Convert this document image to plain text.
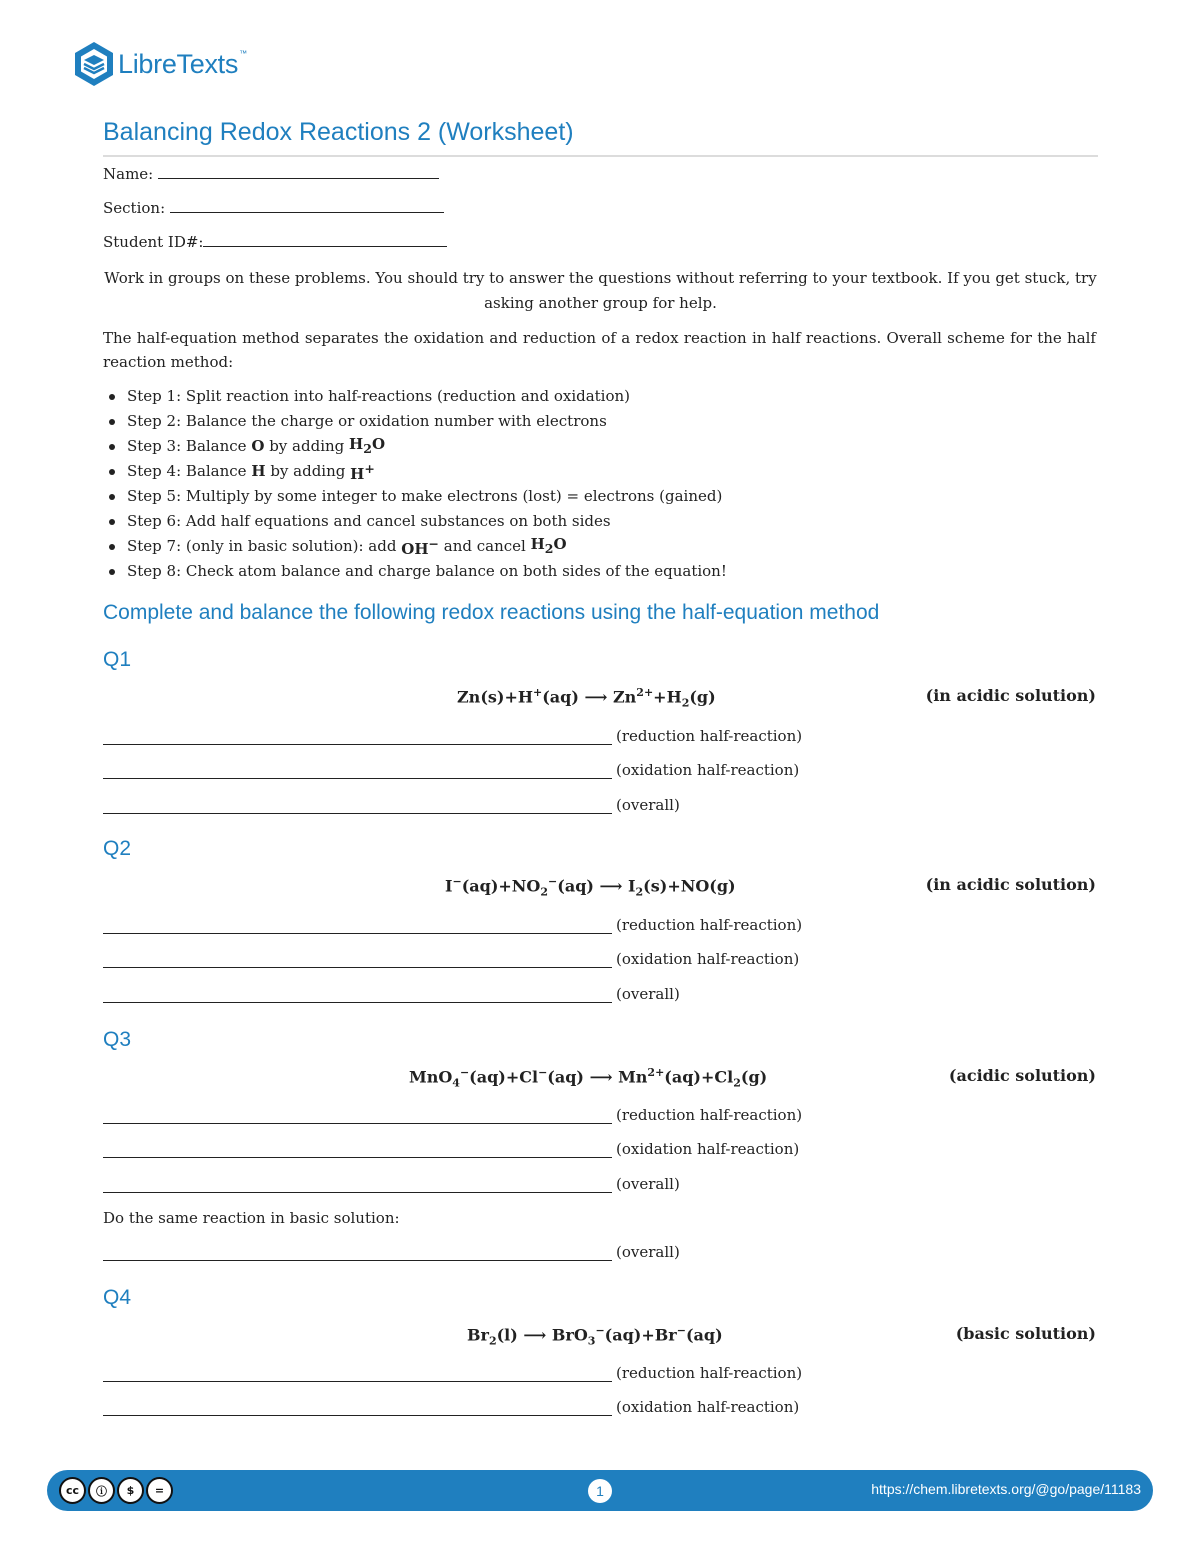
LibreTexts™
Balancing Redox Reactions 2 (Worksheet)
Name:
Section:
Student ID#:
Work in groups on these problems. You should try to answer the questions without referring to your textbook. If you get stuck, try asking another group for help.
The half-equation method separates the oxidation and reduction of a redox reaction in half reactions. Overall scheme for the half reaction method:
Step 1: Split reaction into half-reactions (reduction and oxidation)
Step 2: Balance the charge or oxidation number with electrons
Step 3: Balance
O
by adding
$H_2O$
Step 4: Balance
H
by adding
H+
Step 5: Multiply by some integer to make electrons (lost) = electrons (gained)
Step 6: Add half equations and cancel substances on both sides
Step 7: (only in basic solution): add
OH−
and cancel
$H_2O$
Step 8: Check atom balance and charge balance on both sides of the equation!
Complete and balance the following redox reactions using the half-equation method
Q1
Zn(s)+H+(aq) ⟶ $Zn^{2+}+H_2(g)$	(in acidic solution)
(reduction half-reaction)
(oxidation half-reaction)
(overall)
Q2
$I^-(aq)+NO_2^-(aq)$ ⟶ $I_2(s)+NO(g)$	(in acidic solution)
(reduction half-reaction)
(oxidation half-reaction)
(overall)
Q3
MnO$_4$−(aq)+Cl−(aq) ⟶ $Mn^{2+}(aq)+Cl_2(g)$	(acidic solution)
(reduction half-reaction)
(oxidation half-reaction)
(overall)
Do the same reaction in basic solution:
(overall)
Q4
$Br_2(l)$ ⟶ BrO$_3$−(aq)+Br−(aq)	(basic solution)
(reduction half-reaction)
(oxidation half-reaction)
cc	ⓘ	$	=	1	https://chem.libretexts.org/@go/page/11183
